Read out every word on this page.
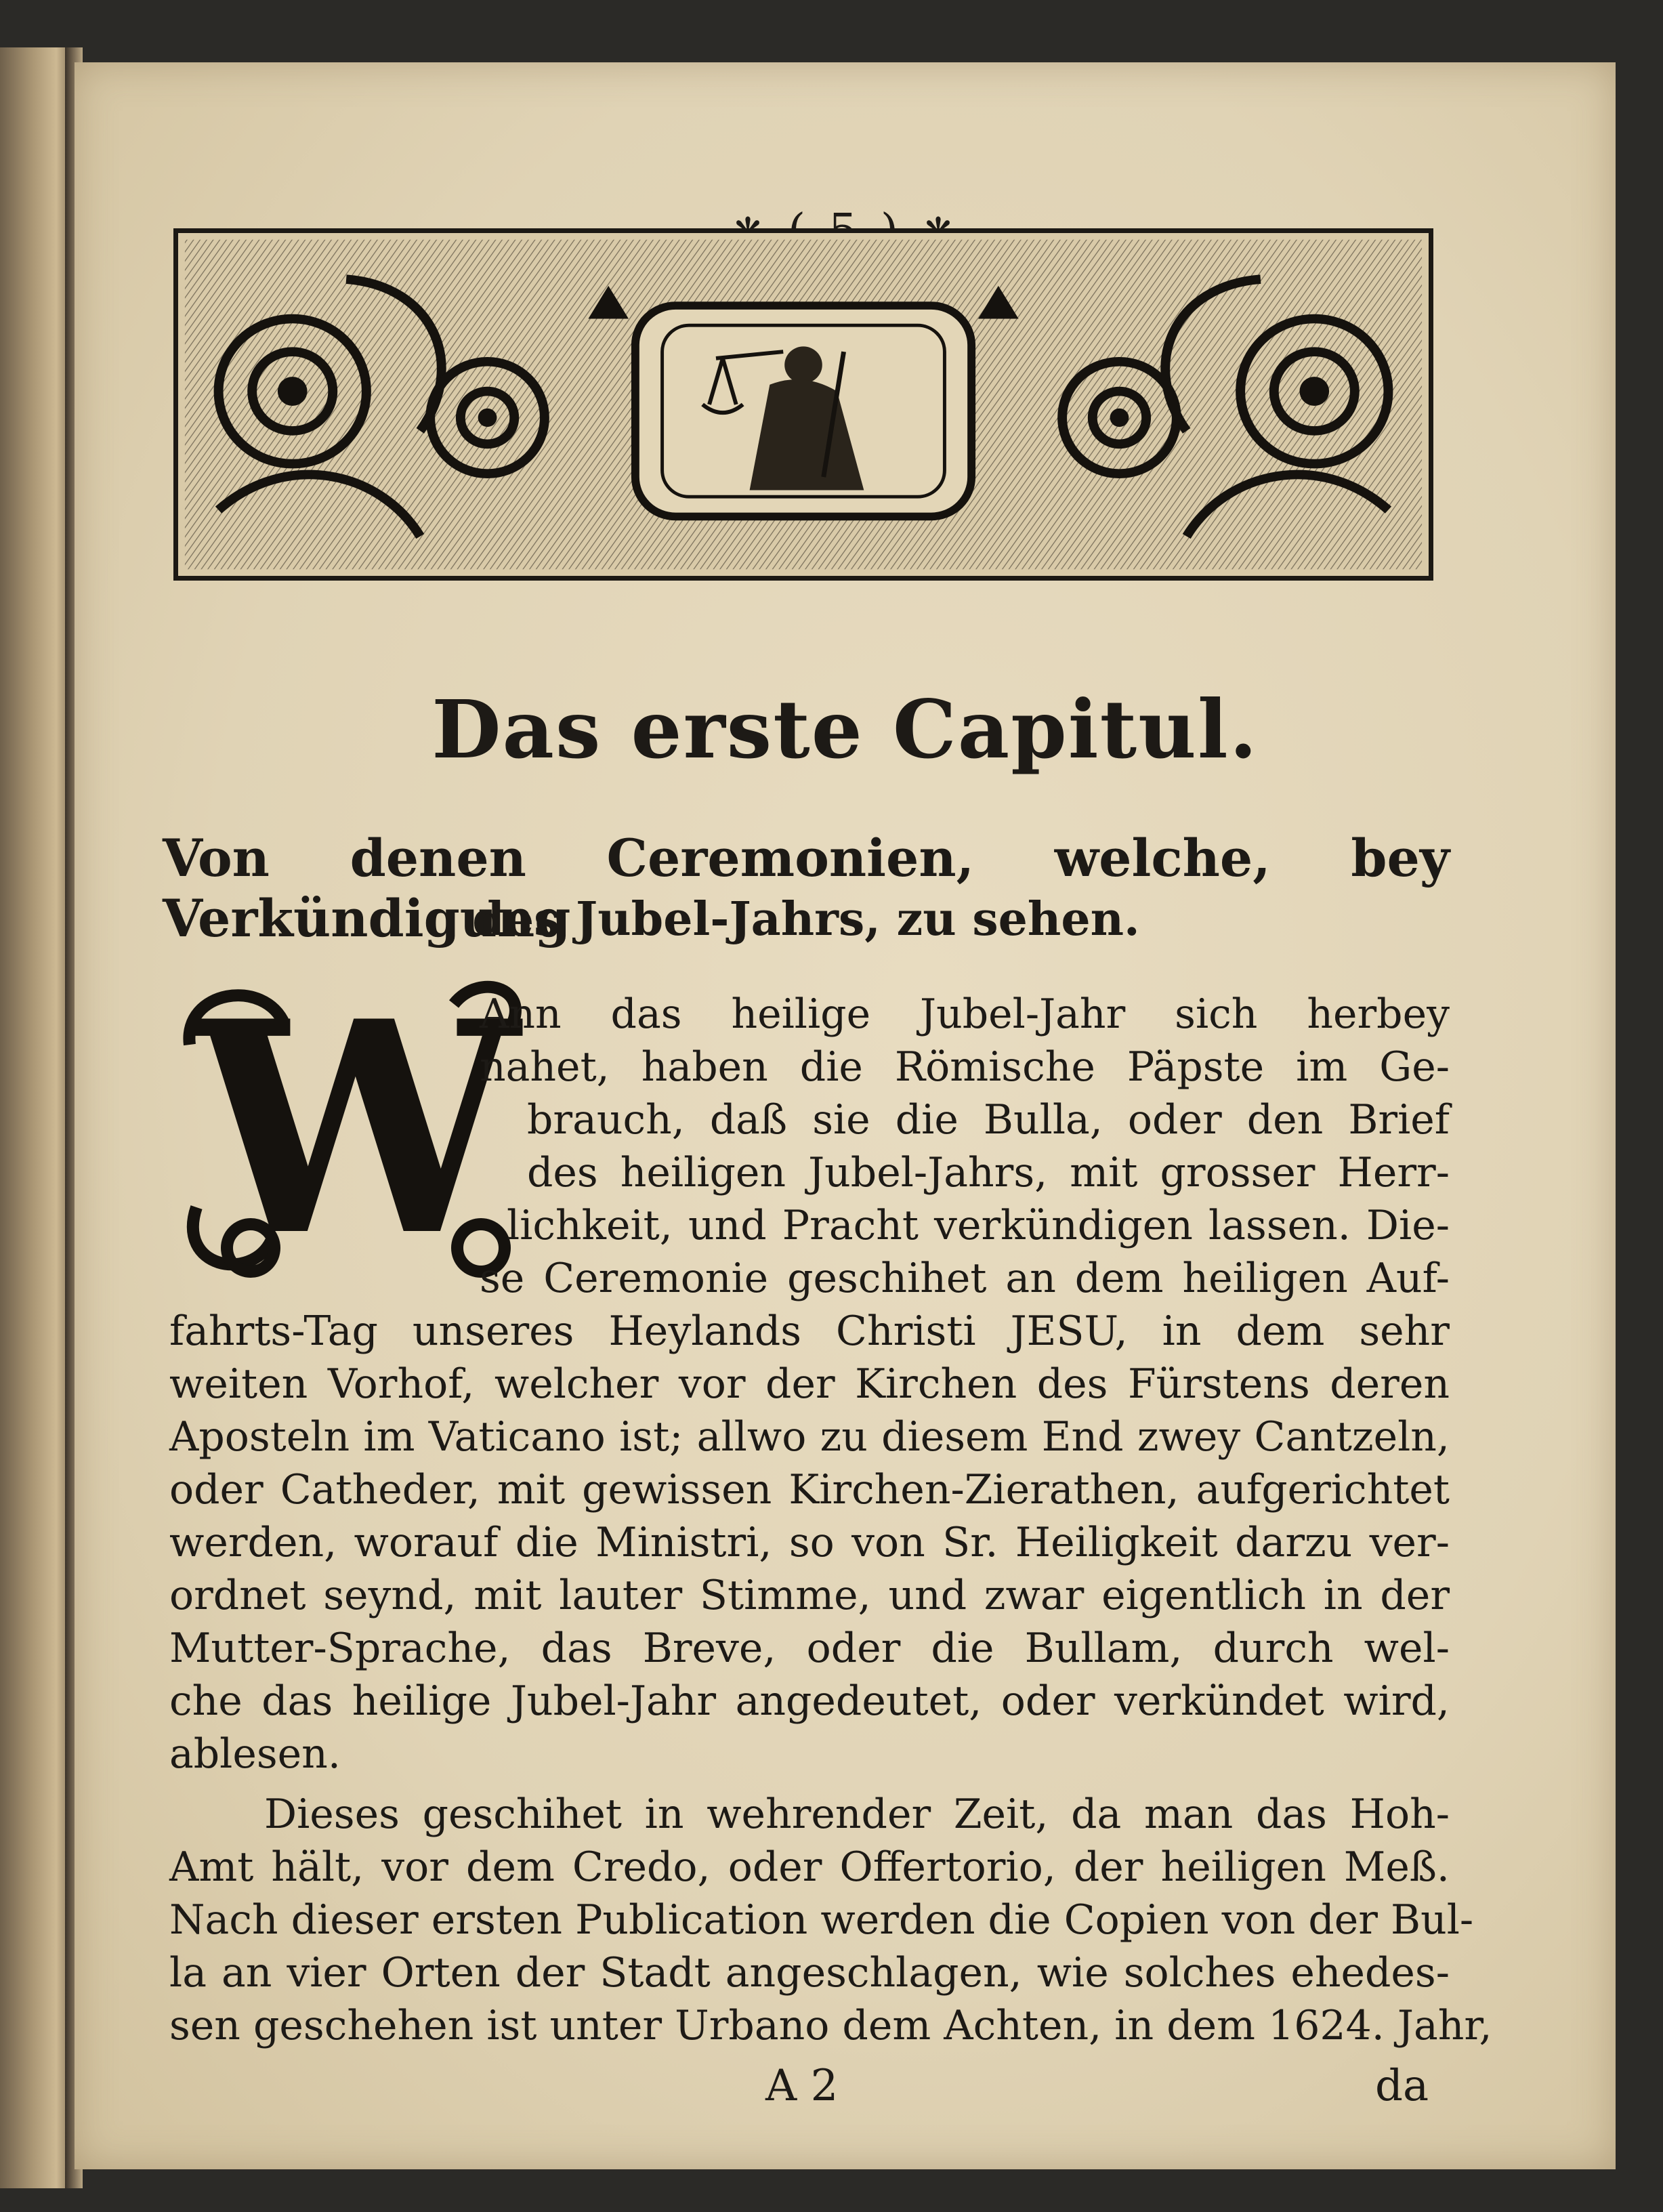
Das erste Capitul.
Von denen Ceremonien, welche, bey Verkündigung
des Jubel-Jahrs, zu sehen.
W
Ann das heilige Jubel-Jahr sich herbey
nahet, haben die Römische Päpste im Ge-
brauch, daß sie die Bulla, oder den Brief
des heiligen Jubel-Jahrs, mit grosser Herr-
lichkeit, und Pracht verkündigen lassen. Die-
se Ceremonie geschihet an dem heiligen Auf-
fahrts-Tag unseres Heylands Christi JESU, in dem sehr
weiten Vorhof, welcher vor der Kirchen des Fürstens deren
Aposteln im Vaticano ist; allwo zu diesem End zwey Cantzeln,
oder Catheder, mit gewissen Kirchen-Zierathen, aufgerichtet
werden, worauf die Ministri, so von Sr. Heiligkeit darzu ver-
ordnet seynd, mit lauter Stimme, und zwar eigentlich in der
Mutter-Sprache, das Breve, oder die Bullam, durch wel-
che das heilige Jubel-Jahr angedeutet, oder verkündet wird,
ablesen.
Dieses geschihet in wehrender Zeit, da man das Hoh-
Amt hält, vor dem Credo, oder Offertorio, der heiligen Meß.
Nach dieser ersten Publication werden die Copien von der Bul-
la an vier Orten der Stadt angeschlagen, wie solches ehedes-
sen geschehen ist unter Urbano dem Achten, in dem 1624. Jahr,
A 2	da
